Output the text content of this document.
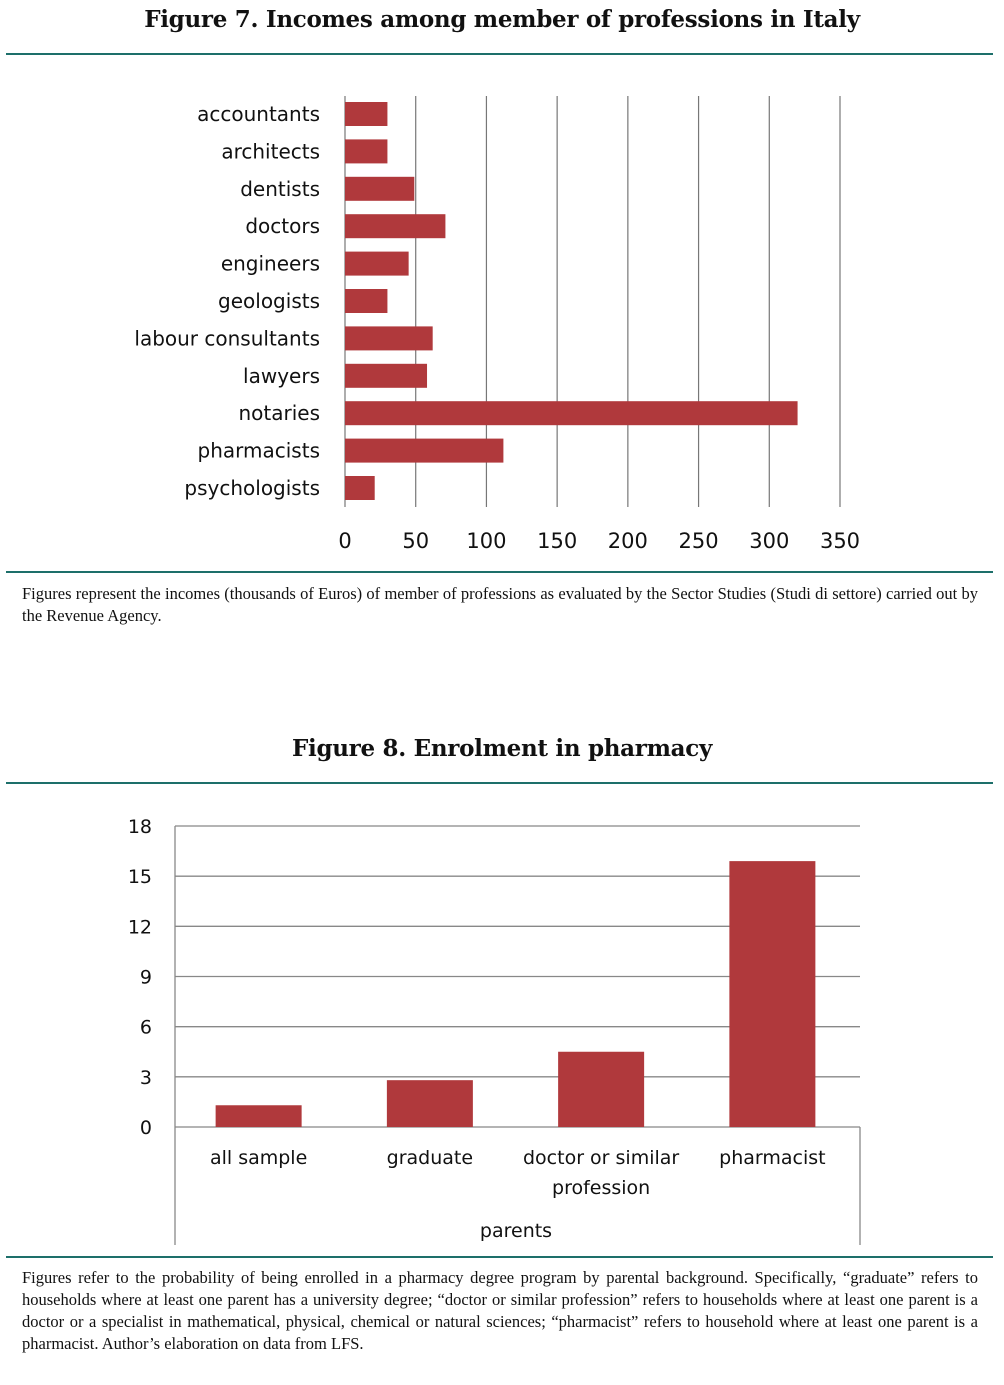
Figure 7. Incomes among member of professions in Italy
0 50 100 150 200 250 300 350
accountants
architects
dentists
doctors
engineers
geologists
labour consultants
lawyers
notaries
pharmacists
psychologists
Figures represent the incomes (thousands of Euros) of member of professions as evaluated by the Sector Studies (Studi di settore) carried out by the Revenue Agency.
Figure 8. Enrolment in pharmacy
0
3
6
9
12
15
18
all sample	graduate	doctor or similar
profession
pharmacist
parents
Figures refer to the probability of being enrolled in a pharmacy degree program by parental background. Specifically, “graduate” refers to households where at least one parent has a university degree; “doctor or similar profession” refers to households where at least one parent is a doctor or a specialist in mathematical, physical, chemical or natural sciences; “pharmacist” refers to household where at least one parent is a pharmacist. Author’s elaboration on data from LFS.
